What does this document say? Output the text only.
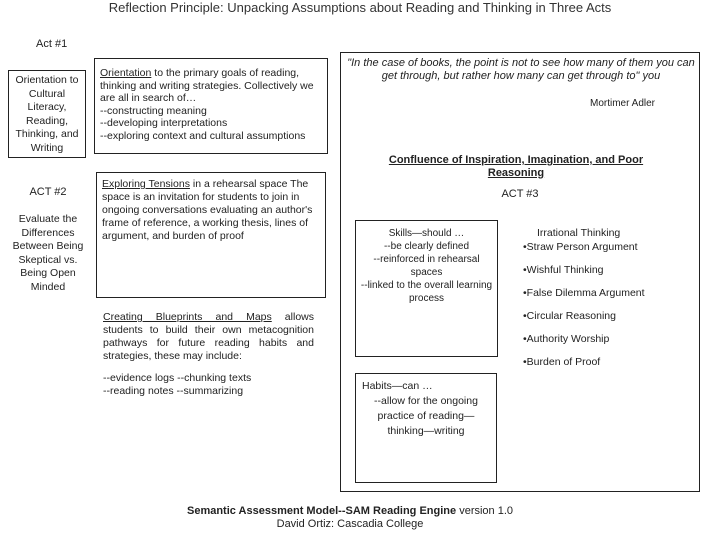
Reflection Principle: Unpacking Assumptions about Reading and Thinking in Three Acts
Act #1
Orientation to Cultural Literacy, Reading, Thinking, and Writing
Orientation to the primary goals of reading, thinking and writing strategies. Collectively we are all in search of…
--constructing meaning
--developing interpretations
--exploring context and cultural assumptions
ACT #2
Evaluate the Differences Between Being Skeptical vs. Being Open Minded
Exploring Tensions in a rehearsal space The space is an invitation for students to join in ongoing conversations evaluating an author's frame of reference, a working thesis, lines of argument, and burden of proof
Creating Blueprints and Maps allows students to build their own metacognition pathways for future reading habits and strategies, these may include:
--evidence logs --chunking texts
--reading notes --summarizing
"In the case of books, the point is not to see how many of them you can get through, but rather how many can get through to" you
Mortimer Adler
Confluence of Inspiration, Imagination, and Poor Reasoning
ACT #3
Skills—should …
--be clearly defined
--reinforced in rehearsal spaces
--linked to the overall learning process
Habits—can …
--allow for the ongoing practice of reading—thinking—writing
Irrational Thinking
•Straw Person Argument
•Wishful Thinking
•False Dilemma Argument
•Circular Reasoning
•Authority Worship
•Burden of Proof
Semantic Assessment Model--SAM Reading Engine version 1.0
David Ortiz: Cascadia College
